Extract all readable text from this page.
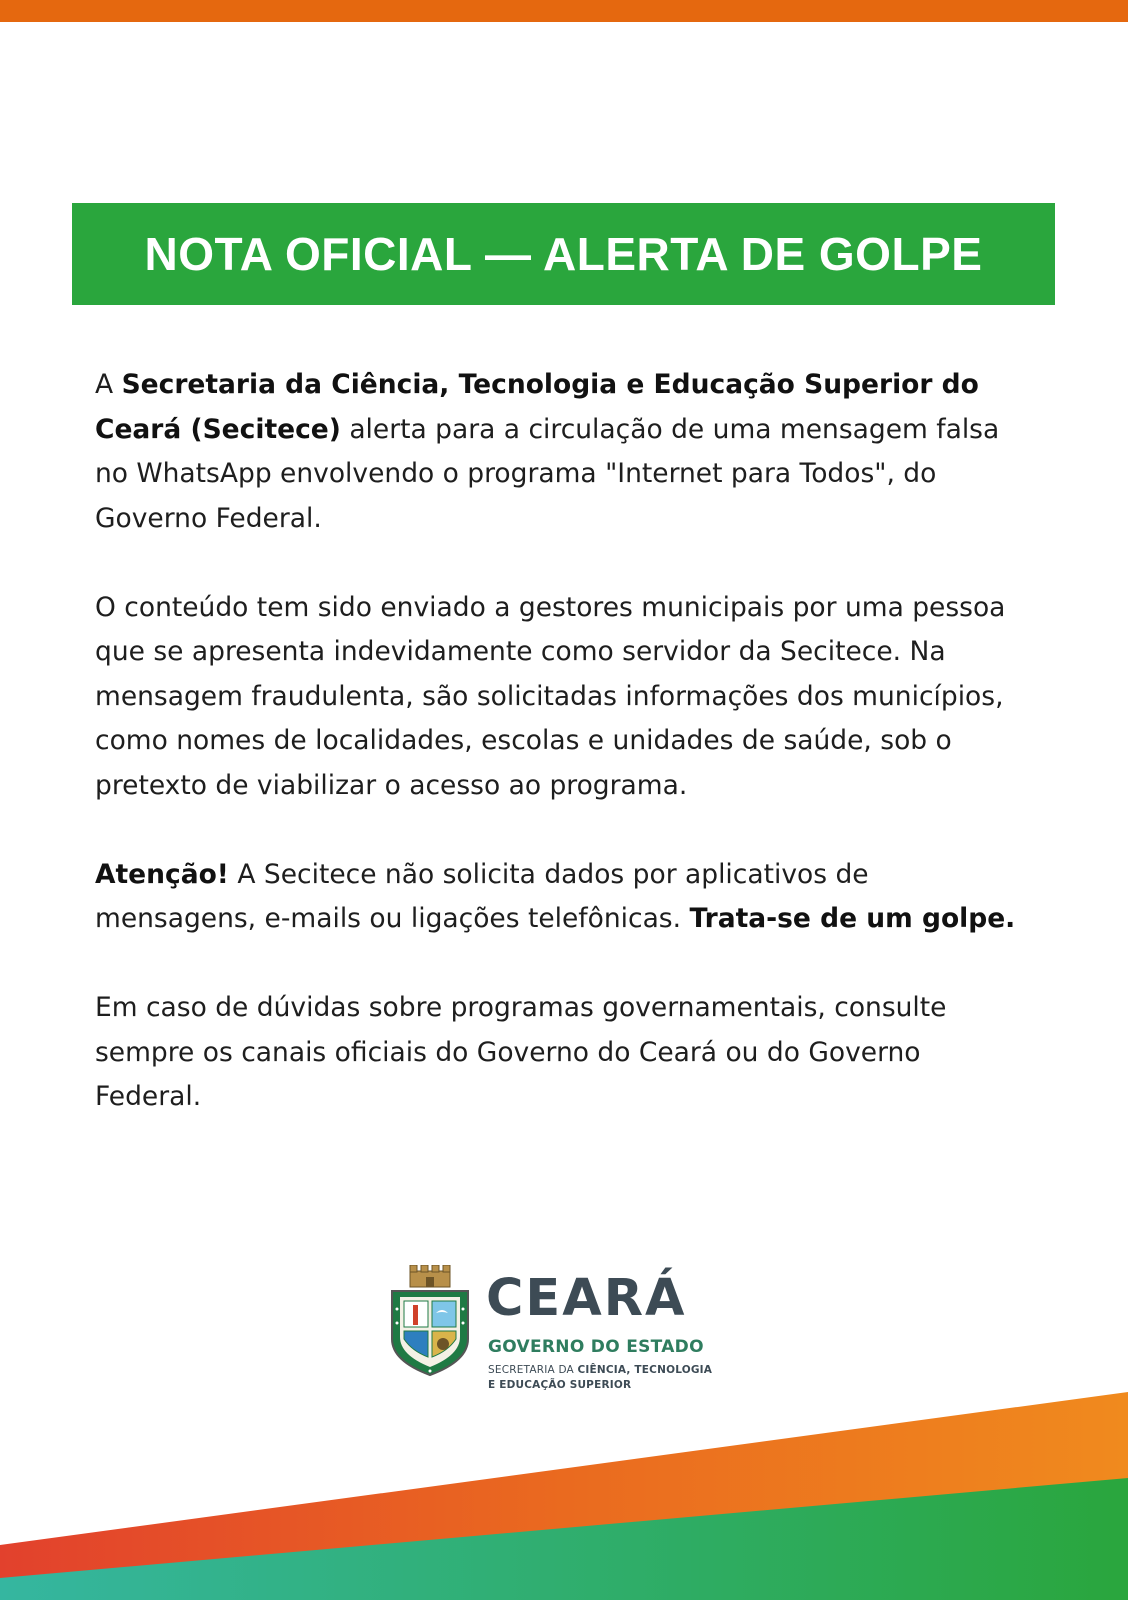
NOTA OFICIAL — ALERTA DE GOLPE

A Secretaria da Ciência, Tecnologia e Educação Superior do Ceará (Secitece) alerta para a circulação de uma mensagem falsa no WhatsApp envolvendo o programa "Internet para Todos", do Governo Federal.

O conteúdo tem sido enviado a gestores municipais por uma pessoa que se apresenta indevidamente como servidor da Secitece. Na mensagem fraudulenta, são solicitadas informações dos municípios, como nomes de localidades, escolas e unidades de saúde, sob o pretexto de viabilizar o acesso ao programa.

Atenção! A Secitece não solicita dados por aplicativos de mensagens, e-mails ou ligações telefônicas. Trata-se de um golpe.

Em caso de dúvidas sobre programas governamentais, consulte sempre os canais oficiais do Governo do Ceará ou do Governo Federal.

CEARÁ
GOVERNO DO ESTADO
SECRETARIA DA CIÊNCIA, TECNOLOGIA
E EDUCAÇÃO SUPERIOR
